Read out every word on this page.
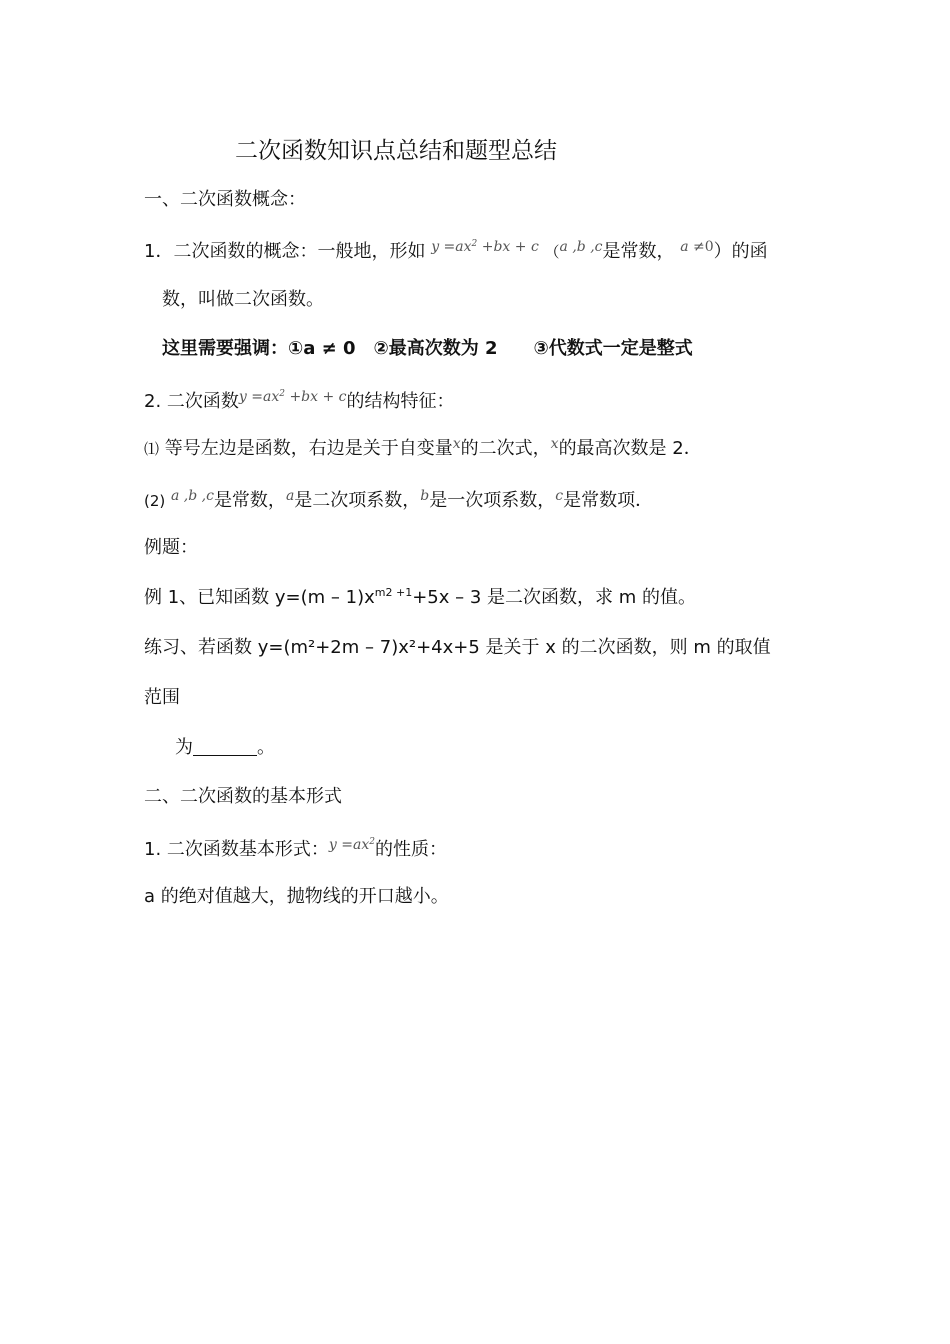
二次函数知识点总结和题型总结
一、二次函数概念：
1．二次函数的概念：一般地，形如 $^{y =ax^2 +bx + c}$ （$^{a ,b ,c}$是常数， $^{a \ne 0}$）的函
数，叫做二次函数。
这里需要强调：①a ≠ 0　②最高次数为 2　　③代数式一定是整式
2. 二次函数$^{y =ax^2 +bx + c}$的结构特征：
⑴ 等号左边是函数，右边是关于自变量$^x$的二次式，$^x$的最高次数是 2．
(2) $^{a ,b ,c}$是常数，$^a$是二次项系数，$^b$是一次项系数，$^c$是常数项．
例题：
例 1、已知函数 $y=(m - 1)x^{m2 +1}+5x - 3$ 是二次函数，求 m 的值。
练习、若函数 y=(m²+2m – 7)x²+4x+5 是关于 x 的二次函数，则 m 的取值
范围
为	。
二、二次函数的基本形式
1. 二次函数基本形式：$^{y =ax^2}$的性质：
a 的绝对值越大，抛物线的开口越小。
